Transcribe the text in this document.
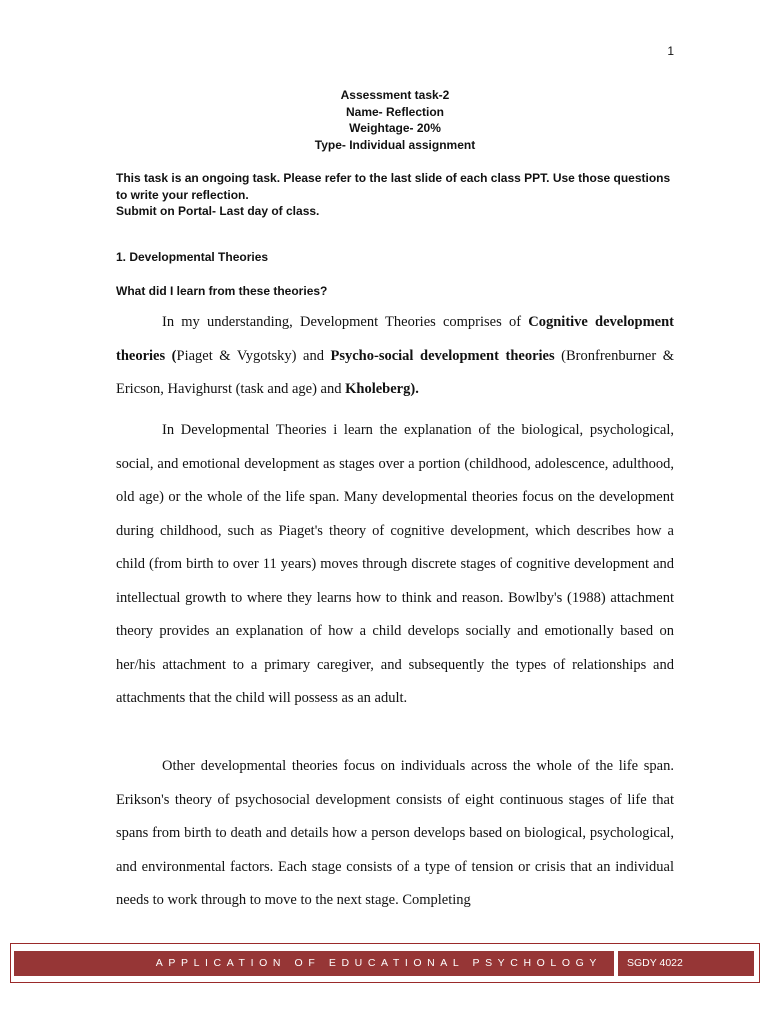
1
Assessment task-2
Name- Reflection
Weightage- 20%
Type- Individual assignment
This task is an ongoing task. Please refer to the last slide of each class PPT. Use those questions to write your reflection.
Submit on Portal- Last day of class.
1. Developmental Theories
What did I learn from these theories?

In my understanding, Development Theories comprises of Cognitive development theories (Piaget & Vygotsky) and Psycho-social development theories (Bronfrenburner & Ericson, Havighurst (task and age) and Kholeberg).

In Developmental Theories i learn the explanation of the biological, psychological, social, and emotional development as stages over a portion (childhood, adolescence, adulthood, old age) or the whole of the life span. Many developmental theories focus on the development during childhood, such as Piaget's theory of cognitive development, which describes how a child (from birth to over 11 years) moves through discrete stages of cognitive development and intellectual growth to where they learns how to think and reason. Bowlby's (1988) attachment theory provides an explanation of how a child develops socially and emotionally based on her/his attachment to a primary caregiver, and subsequently the types of relationships and attachments that the child will possess as an adult.

Other developmental theories focus on individuals across the whole of the life span. Erikson's theory of psychosocial development consists of eight continuous stages of life that spans from birth to death and details how a person develops based on biological, psychological, and environmental factors. Each stage consists of a type of tension or crisis that an individual needs to work through to move to the next stage. Completing

APPLICATION OF EDUCATIONAL PSYCHOLOGY	SGDY 4022
